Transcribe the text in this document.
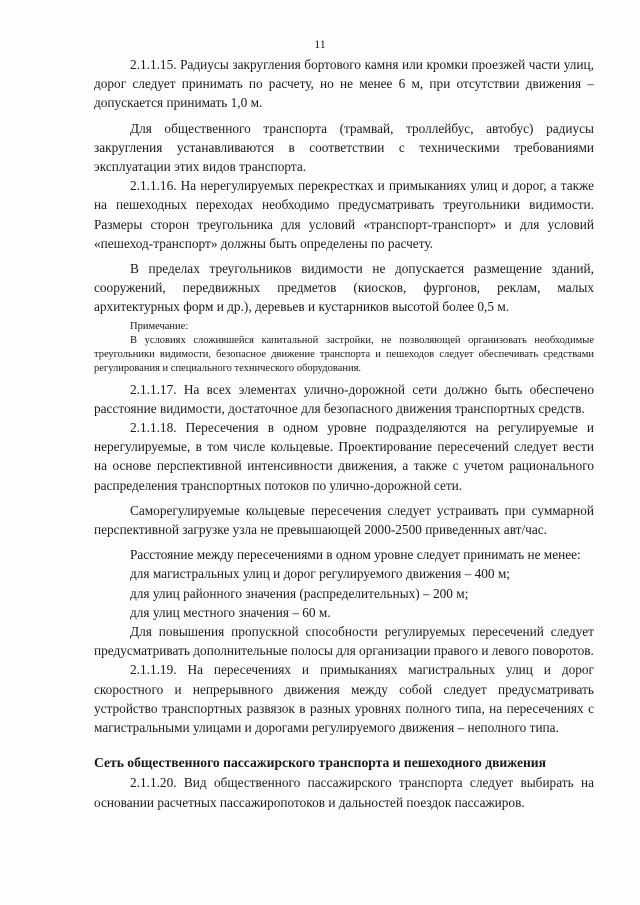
11

2.1.1.15. Радиусы закругления бортового камня или кромки проезжей части улиц, дорог следует принимать по расчету, но не менее 6 м, при отсутствии движения – допускается принимать 1,0 м.

Для общественного транспорта (трамвай, троллейбус, автобус) радиусы закругления устанавливаются в соответствии с техническими требованиями эксплуатации этих видов транспорта.

2.1.1.16. На нерегулируемых перекрестках и примыканиях улиц и дорог, а также на пешеходных переходах необходимо предусматривать треугольники видимости. Размеры сторон треугольника для условий «транспорт-транспорт» и для условий «пешеход-транспорт» должны быть определены по расчету.

В пределах треугольников видимости не допускается размещение зданий, сооружений, передвижных предметов (киосков, фургонов, реклам, малых архитектурных форм и др.), деревьев и кустарников высотой более 0,5 м.

Примечание:

В условиях сложившейся капитальной застройки, не позволяющей организовать необходимые треугольники видимости, безопасное движение транспорта и пешеходов следует обеспечивать средствами регулирования и специального технического оборудования.

2.1.1.17. На всех элементах улично-дорожной сети должно быть обеспечено расстояние видимости, достаточное для безопасного движения транспортных средств.

2.1.1.18. Пересечения в одном уровне подразделяются на регулируемые и нерегулируемые, в том числе кольцевые. Проектирование пересечений следует вести на основе перспективной интенсивности движения, а также с учетом рационального распределения транспортных потоков по улично-дорожной сети.

Саморегулируемые кольцевые пересечения следует устраивать при суммарной перспективной загрузке узла не превышающей 2000-2500 приведенных авт/час.

Расстояние между пересечениями в одном уровне следует принимать не менее:

для магистральных улиц и дорог регулируемого движения – 400 м;

для улиц районного значения (распределительных) – 200 м;

для улиц местного значения – 60 м.

Для повышения пропускной способности регулируемых пересечений следует предусматривать дополнительные полосы для организации правого и левого поворотов.

2.1.1.19. На пересечениях и примыканиях магистральных улиц и дорог скоростного и непрерывного движения между собой следует предусматривать устройство транспортных развязок в разных уровнях полного типа, на пересечениях с магистральными улицами и дорогами регулируемого движения – неполного типа.

Сеть общественного пассажирского транспорта и пешеходного движения

2.1.1.20. Вид общественного пассажирского транспорта следует выбирать на основании расчетных пассажиропотоков и дальностей поездок пассажиров.
